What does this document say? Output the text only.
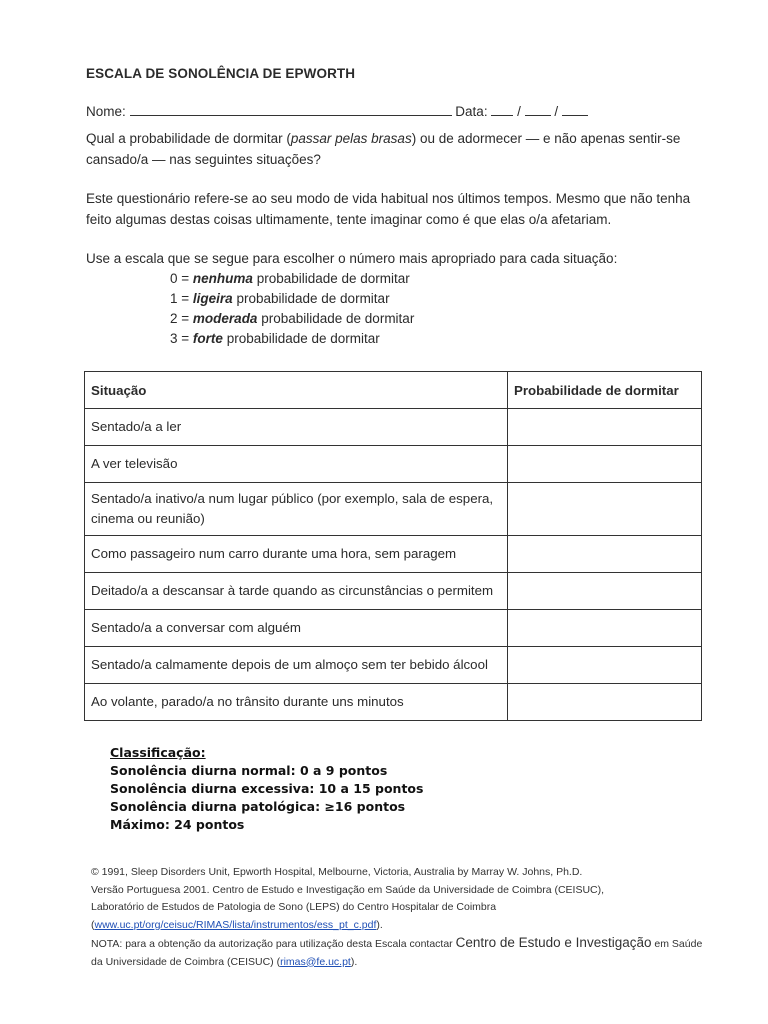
ESCALA DE SONOLÊNCIA DE EPWORTH
Nome:	Data: / /
Qual a probabilidade de dormitar (passar pelas brasas) ou de adormecer — e não apenas sentir-se
cansado/a — nas seguintes situações?
Este questionário refere-se ao seu modo de vida habitual nos últimos tempos. Mesmo que não tenha
feito algumas destas coisas ultimamente, tente imaginar como é que elas o/a afetariam.
Use a escala que se segue para escolher o número mais apropriado para cada situação:
0 = nenhuma probabilidade de dormitar
1 = ligeira probabilidade de dormitar
2 = moderada probabilidade de dormitar
3 = forte probabilidade de dormitar
Situação	Probabilidade de dormitar
Sentado/a a ler	
A ver televisão	
Sentado/a inativo/a num lugar público (por exemplo, sala de espera, cinema ou reunião)	
Como passageiro num carro durante uma hora, sem paragem	
Deitado/a a descansar à tarde quando as circunstâncias o permitem	
Sentado/a a conversar com alguém	
Sentado/a calmamente depois de um almoço sem ter bebido álcool	
Ao volante, parado/a no trânsito durante uns minutos	
Classificação:
Sonolência diurna normal: 0 a 9 pontos
Sonolência diurna excessiva: 10 a 15 pontos
Sonolência diurna patológica: ≥16 pontos
Máximo: 24 pontos
© 1991, Sleep Disorders Unit, Epworth Hospital, Melbourne, Victoria, Australia by Marray W. Johns, Ph.D.
Versão Portuguesa 2001. Centro de Estudo e Investigação em Saúde da Universidade de Coimbra (CEISUC),
Laboratório de Estudos de Patologia de Sono (LEPS) do Centro Hospitalar de Coimbra
(www.uc.pt/org/ceisuc/RIMAS/lista/instrumentos/ess_pt_c.pdf).
NOTA: para a obtenção da autorização para utilização desta Escala contactar Centro de Estudo e Investigação em Saúde
da Universidade de Coimbra (CEISUC) (rimas@fe.uc.pt).
